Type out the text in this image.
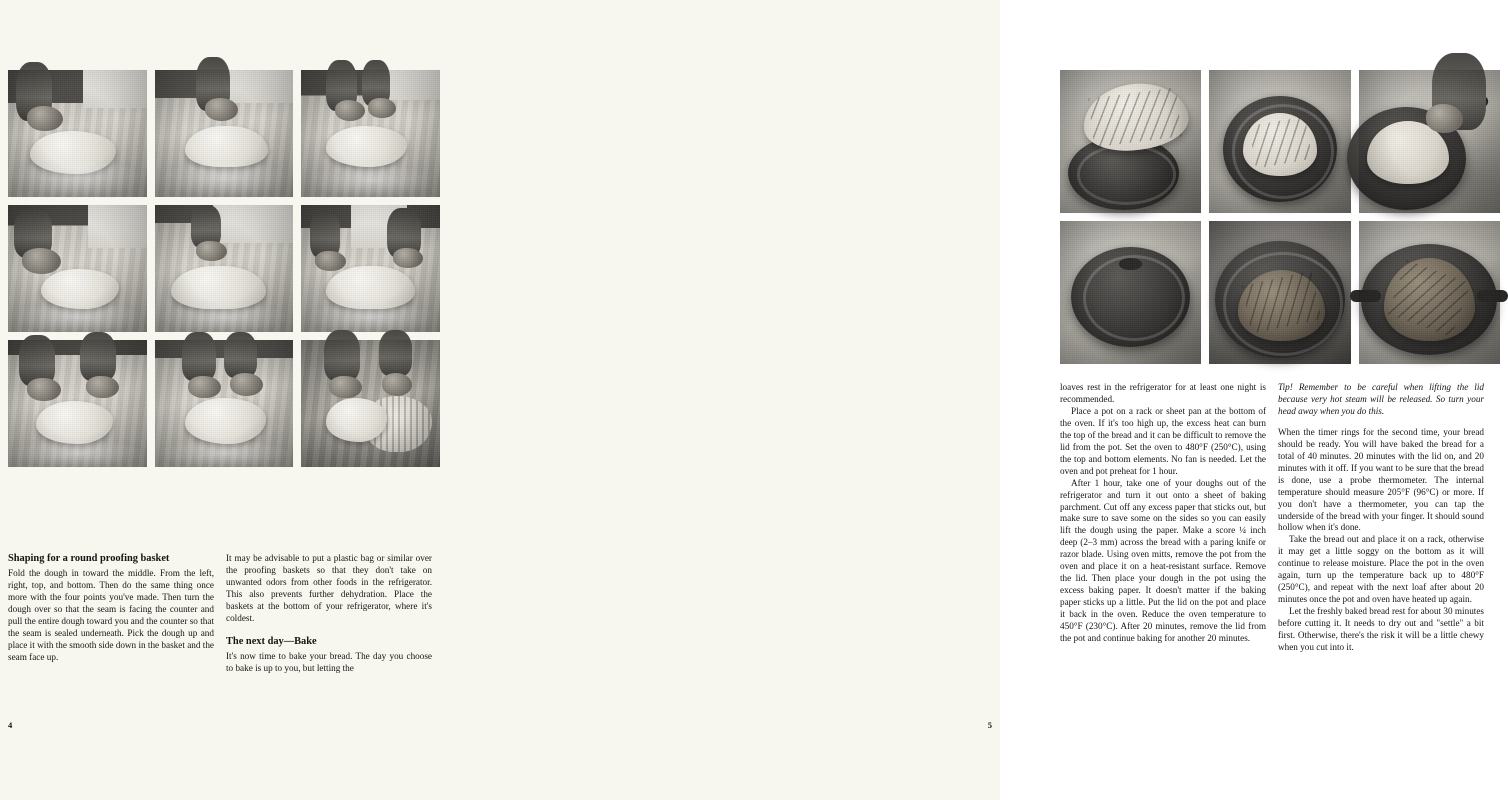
Shaping for a round proofing basket

Fold the dough in toward the middle. From the left, right, top, and bottom. Then do the same thing once more with the four points you've made. Then turn the dough over so that the seam is facing the counter and pull the entire dough toward you and the counter so that the seam is sealed underneath. Pick the dough up and place it with the smooth side down in the basket and the seam face up.

It may be advisable to put a plastic bag or similar over the proofing baskets so that they don't take on unwanted odors from other foods in the refrigerator. This also prevents further dehydration. Place the baskets at the bottom of your refrigerator, where it's coldest.

The next day—Bake

It's now time to bake your bread. The day you choose to bake is up to you, but letting the

4

loaves rest in the refrigerator for at least one night is recommended.

Place a pot on a rack or sheet pan at the bottom of the oven. If it's too high up, the excess heat can burn the top of the bread and it can be difficult to remove the lid from the pot. Set the oven to 480°F (250°C), using the top and bottom elements. No fan is needed. Let the oven and pot preheat for 1 hour.

After 1 hour, take one of your doughs out of the refrigerator and turn it out onto a sheet of baking parchment. Cut off any excess paper that sticks out, but make sure to save some on the sides so you can easily lift the dough using the paper. Make a score ¼ inch deep (2–3 mm) across the bread with a paring knife or razor blade. Using oven mitts, remove the pot from the oven and place it on a heat-resistant surface. Remove the lid. Then place your dough in the pot using the excess baking paper. It doesn't matter if the baking paper sticks up a little. Put the lid on the pot and place it back in the oven. Reduce the oven temperature to 450°F (230°C). After 20 minutes, remove the lid from the pot and continue baking for another 20 minutes.

Tip! Remember to be careful when lifting the lid because very hot steam will be released. So turn your head away when you do this.

When the timer rings for the second time, your bread should be ready. You will have baked the bread for a total of 40 minutes. 20 minutes with the lid on, and 20 minutes with it off. If you want to be sure that the bread is done, use a probe thermometer. The internal temperature should measure 205°F (96°C) or more. If you don't have a thermometer, you can tap the underside of the bread with your finger. It should sound hollow when it's done.

Take the bread out and place it on a rack, otherwise it may get a little soggy on the bottom as it will continue to release moisture. Place the pot in the oven again, turn up the temperature back up to 480°F (250°C), and repeat with the next loaf after about 20 minutes once the pot and oven have heated up again.

Let the freshly baked bread rest for about 30 minutes before cutting it. It needs to dry out and "settle" a bit first. Otherwise, there's the risk it will be a little chewy when you cut into it.

5
